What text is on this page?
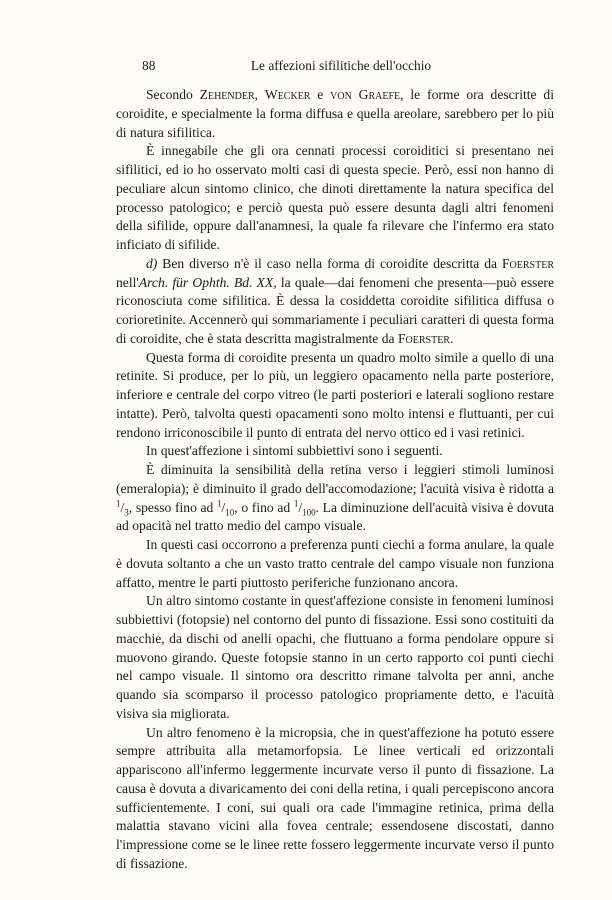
88	Le affezioni sifilitiche dell'occhio

Secondo Zehender, Wecker e von Graefe, le forme ora descritte di coroidite, e specialmente la forma diffusa e quella areolare, sarebbero per lo più di natura sifilitica.

È innegabile che gli ora cennati processi coroiditici si presentano nei sifilitici, ed io ho osservato molti casi di questa specie. Però, essi non hanno di peculiare alcun sintomo clinico, che dinoti direttamente la natura specifica del processo patologico; e perciò questa può essere desunta dagli altri fenomeni della sifilide, oppure dall'anamnesi, la quale fa rilevare che l'infermo era stato inficiato di sifilide.

d) Ben diverso n'è il caso nella forma di coroidite descritta da Foerster nell'Arch. für Ophth. Bd. XX, la quale—dai fenomeni che presenta—può essere riconosciuta come sifilitica. È dessa la cosiddetta coroidite sifilitica diffusa o corioretinite. Accennerò qui sommariamente i peculiari caratteri di questa forma di coroidite, che è stata descritta magistralmente da Foerster.

Questa forma di coroidite presenta un quadro molto simile a quello di una retinite. Si produce, per lo più, un leggiero opacamento nella parte posteriore, inferiore e centrale del corpo vitreo (le parti posteriori e laterali sogliono restare intatte). Però, talvolta questi opacamenti sono molto intensi e fluttuanti, per cui rendono irriconoscibile il punto di entrata del nervo ottico ed i vasi retinici.

In quest'affezione i sintomi subbiettivi sono i seguenti.

È diminuita la sensibilità della retina verso i leggieri stimoli luminosi (emeralopia); è diminuito il grado dell'accomodazione; l'acuità visiva è ridotta a $^1/_3$, spesso fino ad $^1/_{10}$, o fino ad $^1/_{100}$. La diminuzione dell'acuità visiva è dovuta ad opacità nel tratto medio del campo visuale.

In questi casi occorrono a preferenza punti ciechi a forma anulare, la quale è dovuta soltanto a che un vasto tratto centrale del campo visuale non funziona affatto, mentre le parti piuttosto periferiche funzionano ancora.

Un altro sintomo costante in quest'affezione consiste in fenomeni luminosi subbiettivi (fotopsie) nel contorno del punto di fissazione. Essi sono costituiti da macchie, da dischi od anelli opachi, che fluttuano a forma pendolare oppure si muovono girando. Queste fotopsie stanno in un certo rapporto coi punti ciechi nel campo visuale. Il sintomo ora descritto rimane talvolta per anni, anche quando sia scomparso il processo patologico propriamente detto, e l'acuità visiva sia migliorata.

Un altro fenomeno è la micropsia, che in quest'affezione ha potuto essere sempre attribuita alla metamorfopsia. Le linee verticali ed orizzontali appariscono all'infermo leggermente incurvate verso il punto di fissazione. La causa è dovuta a divaricamento dei coni della retina, i quali percepiscono ancora sufficientemente. I coni, sui quali ora cade l'immagine retinica, prima della malattia stavano vicini alla fovea centrale; essendosene discostati, danno l'impressione come se le linee rette fossero leggermente incurvate verso il punto di fissazione.
